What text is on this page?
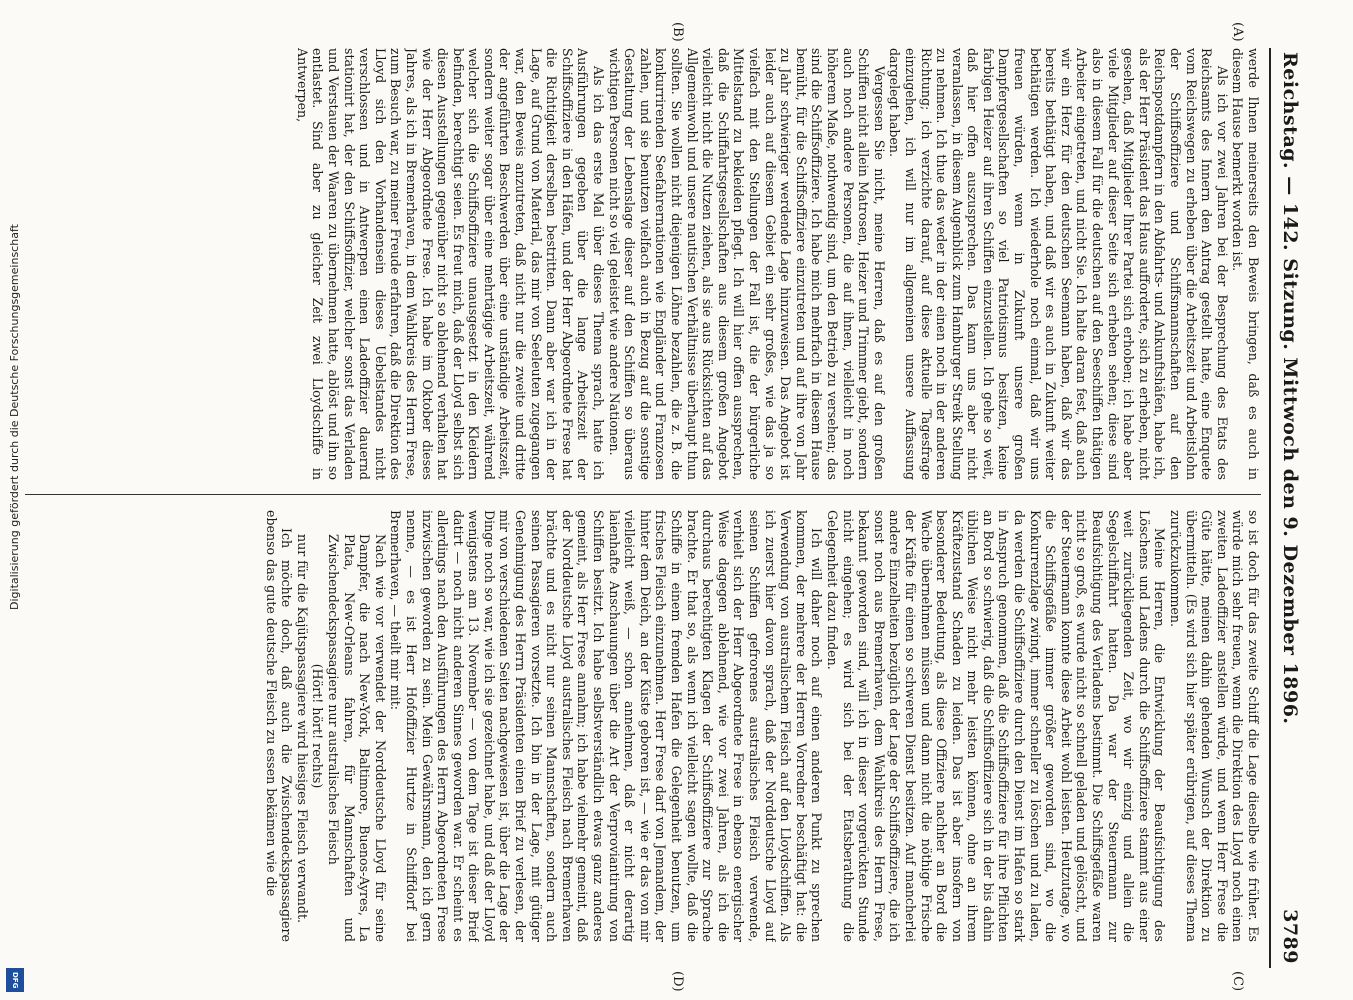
Reichstag. — 142. Sitzung. Mittwoch den 9. Dezember 1896.
3789
(A)
(B)
(C)
(D)

werde Ihnen meinerseits den Beweis bringen, daß es auch in diesem Hause bemerkt worden ist.

Als ich vor zwei Jahren bei der Besprechung des Etats des Reichsamts des Innern den Antrag gestellt hatte, eine Enquete vom Reichswegen zu erheben über die Arbeitszeit und Arbeitslohn der Schiffsoffiziere und Schiffsmannschaften auf den Reichspostdampfern in den Abfahrts- und Ankunftshäfen, habe ich, als der Herr Präsident das Haus aufforderte, sich zu erheben, nicht gesehen, daß Mitglieder Ihrer Partei sich erhoben; ich habe aber viele Mitglieder auf dieser Seite sich erheben sehen; diese sind also in diesem Fall für die deutschen auf den Seeschiffen thätigen Arbeiter eingetreten, und nicht Sie. Ich halte daran fest, daß auch wir ein Herz für den deutschen Seemann haben, daß wir das bereits bethätigt haben, und daß wir es auch in Zukunft weiter bethätigen werden. Ich wiederhole noch einmal, daß wir uns freuen würden, wenn in Zukunft unsere großen Dampfergesellschaften so viel Patriotismus besitzen, keine farbigen Heizer auf ihren Schiffen einzustellen. Ich gehe so weit, daß hier offen auszusprechen. Das kann uns aber nicht veranlassen, in diesem Augenblick zum Hamburger Streik Stellung zu nehmen. Ich thue das weder in der einen noch in der anderen Richtung; ich verzichte darauf, auf diese aktuelle Tagesfrage einzugehen, ich will nur im allgemeinen unsere Auffassung dargelegt haben.

Vergessen Sie nicht, meine Herren, daß es auf den großen Schiffen nicht allein Matrosen, Heizer und Trimmer giebt, sondern auch noch andere Personen, die auf ihnen, vielleicht in noch höherem Maße, nothwendig sind, um den Betrieb zu versehen; das sind die Schiffsoffiziere. Ich habe mich mehrfach in diesem Hause bemüht, für die Schiffsoffiziere einzutreten und auf ihre von Jahr zu Jahr schwieriger werdende Lage hinzuweisen. Das Angebot ist leider auch auf diesem Gebiet ein sehr großes, wie das ja so vielfach mit den Stellungen der Fall ist, die der bürgerliche Mittelstand zu bekleiden pflegt. Ich will hier offen aussprechen, daß die Schiffahrtsgesellschaften aus diesem großen Angebot vielleicht nicht die Nutzen ziehen, als sie aus Rücksichten auf das Allgemeinwohl und unsere nautischen Verhältnisse überhaupt thun sollten. Sie wollen nicht diejenigen Löhne bezahlen, die z. B. die konkurrirenden Seefahrernationen wie Engländer und Franzosen zahlen, und sie benutzen vielfach auch in Bezug auf die sonstige Gestaltung der Lebenslage dieser auf den Schiffen so überaus wichtigen Personen nicht so viel geleistet wie andere Nationen.

Als ich das erste Mal über dieses Thema sprach, hatte ich Ausführungen gegeben über die lange Arbeitszeit der Schiffsoffiziere in den Häfen, und der Herr Abgeordnete Frese hat die Richtigkeit derselben bestritten. Dann aber war ich in der Lage, auf Grund von Material, das mir von Seeleuten zugegangen war, den Beweis anzutreten, daß nicht nur die zweite und dritte der angeführten Beschwerden über eine unständige Arbeitszeit, sondern weiter sogar über eine mehrtägige Arbeitszeit, während welcher sich die Schiffsoffiziere unausgesetzt in den Kleidern befinden, berechtigt seien. Es freut mich, daß der Lloyd selbst sich diesen Ausstellungen gegenüber nicht so ablehnend verhalten hat wie der Herr Abgeordnete Frese. Ich habe im Oktober dieses Jahres, als ich in Bremerhaven, in dem Wahlkreis des Herrn Frese, zum Besuch war, zu meiner Freude erfahren, daß die Direktion des Lloyd sich den Vorhandensein dieses Uebelstandes nicht verschlossen und in Antwerpen einen Ladeoffizier dauernd stationirt hat, der den Schiffsoffizier, welcher sonst das Verladen und Verstauen der Waaren zu übernehmen hatte, ablöst und ihn so entlastet. Sind aber zu gleicher Zeit zwei Lloydschiffe in Antwerpen,

so ist doch für das zweite Schiff die Lage dieselbe wie früher. Es würde mich sehr freuen, wenn die Direktion des Lloyd noch einen zweiten Ladeoffizier anstellen würde, und wenn Herr Frese die Güte hätte, meinen dahin gehenden Wunsch der Direktion zu übermitteln. (Es wird sich hier später erübrigen, auf dieses Thema zurückzukommen.

Meine Herren, die Entwicklung der Beaufsichtigung des Löschens und Ladens durch die Schiffsoffiziere stammt aus einer weit zurückliegenden Zeit, wo wir einzig und allein die Segelschiffahrt hatten. Da war der Steuermann zur Beaufsichtigung des Verladens bestimmt. Die Schiffsgefäße waren nicht so groß, es wurde nicht so schnell geladen und gelöscht, und der Steuermann konnte diese Arbeit wohl leisten. Heutzutage, wo die Schiffsgefäße immer größer geworden sind, wo die Konkurrenzlage zwingt, immer schneller zu löschen und zu laden, da werden die Schiffsoffiziere durch den Dienst im Hafen so stark in Anspruch genommen, daß die Schiffsoffiziere für ihre Pflichten an Bord so schwierig, daß die Schiffsoffiziere sich in der bis dahin üblichen Weise nicht mehr leisten können, ohne an ihrem Kräftezustand Schaden zu leiden. Das ist aber insofern von besonderer Bedeutung, als diese Offiziere nachher an Bord die Wache übernehmen müssen und dann nicht die nöthige Frische der Kräfte für einen so schweren Dienst besitzen. Auf mancherlei andere Einzelheiten bezüglich der Lage der Schiffsoffiziere, die ich sonst noch aus Bremerhaven, dem Wahlkreis des Herrn Frese, bekannt geworden sind, will ich in dieser vorgerückten Stunde nicht eingehen; es wird sich bei der Etatsberathung die Gelegenheit dazu finden.

Ich will daher noch auf einen anderen Punkt zu sprechen kommen, der mehrere der Herren Vorredner beschäftigt hat: die Verwendung von australischem Fleisch auf den Lloydschiffen. Als ich zuerst hier davon sprach, daß der Norddeutsche Lloyd auf seinen Schiffen gefrorenes australisches Fleisch verwende, verhielt sich der Herr Abgeordnete Frese in ebenso energischer Weise dagegen ablehnend, wie vor zwei Jahren, als ich die durchaus berechtigten Klagen der Schiffsoffiziere zur Sprache brachte. Er that so, als wenn ich vielleicht sagen wollte, daß die Schiffe in einem fremden Hafen die Gelegenheit benutzen, um frisches Fleisch einzunehmen. Herr Frese darf von Jemandem, der hinter dem Deich, an der Küste geboren ist, — wie er das von mir vielleicht weiß, — schon annehmen, daß er nicht derartig laienhafte Anschauungen über die Art der Verproviantirung von Schiffen besitzt. Ich habe selbstverständlich etwas ganz anderes gemeint, als Herr Frese annahm; ich habe vielmehr gemeint, daß der Norddeutsche Lloyd australisches Fleisch nach Bremerhaven brächte und es nicht nur seinen Mannschaften, sondern auch seinen Passagieren vorsetzte. Ich bin in der Lage, mit gütiger Genehmigung des Herrn Präsidenten einen Brief zu verlesen, der mir von verschiedenen Seiten nachgewiesen ist, über die Lage der Dinge noch so war, wie ich sie gezeichnet habe, und daß der Lloyd wenigstens am 13. November — von dem Tage ist dieser Brief datirt — noch nicht anderen Sinnes geworden war. Er scheint es allerdings nach den Ausführungen des Herrn Abgeordneten Frese inzwischen geworden zu sein. Mein Gewährsmann, den ich gern nenne, — es ist Herr Hofoffizier Hurtze in Schiffdorf bei Bremerhaven, — theilt mir mit:

Nach wie vor verwendet der Norddeutsche Lloyd für seine Dampfer, die nach New-York, Baltimore, Buenos-Ayres, La Plata, New-Orleans fahren, für Mannschaften und Zwischendeckspassagiere nur australisches Fleisch

(Hört! hört! rechts)

nur für die Kajütspassagiere wird hiesiges Fleisch verwandt.

Ich möchte doch, daß auch die Zwischendeckspassagiere ebenso das gute deutsche Fleisch zu essen bekämen wie die

Digitalisierung gefördert durch die Deutsche Forschungsgemeinschaft
DFG
